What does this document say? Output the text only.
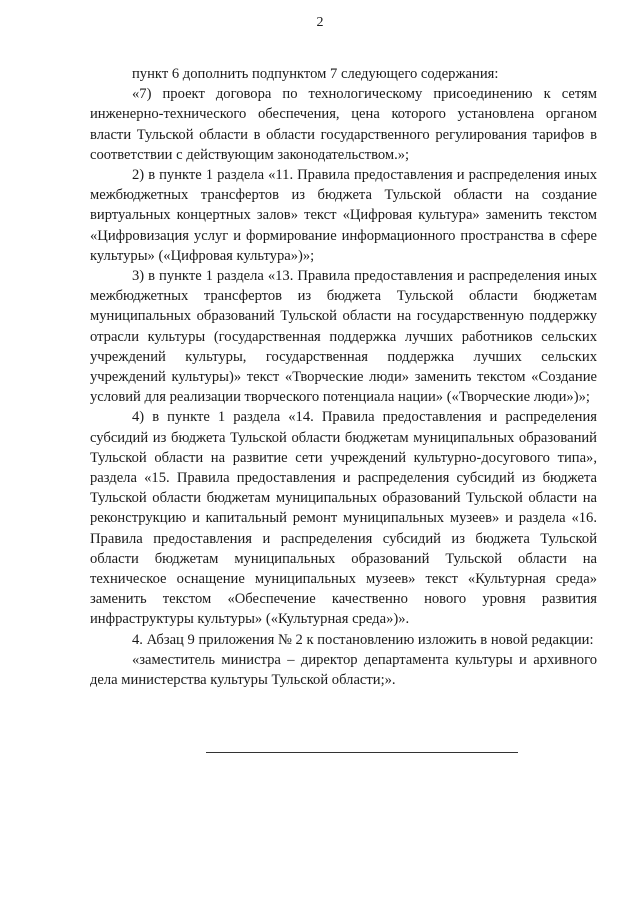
2

пункт 6 дополнить подпунктом 7 следующего содержания:

«7) проект договора по технологическому присоединению к сетям инженерно-технического обеспечения, цена которого установлена органом власти Тульской области в области государственного регулирования тарифов в соответствии с действующим законодательством.»;

2) в пункте 1 раздела «11. Правила предоставления и распределения иных межбюджетных трансфертов из бюджета Тульской области на создание виртуальных концертных залов» текст «Цифровая культура» заменить текстом «Цифровизация услуг и формирование информационного пространства в сфере культуры» («Цифровая культура»)»;

3) в пункте 1 раздела «13. Правила предоставления и распределения иных межбюджетных трансфертов из бюджета Тульской области бюджетам муниципальных образований Тульской области на государственную поддержку отрасли культуры (государственная поддержка лучших работников сельских учреждений культуры, государственная поддержка лучших сельских учреждений культуры)» текст «Творческие люди» заменить текстом «Создание условий для реализации творческого потенциала нации» («Творческие люди»)»;

4) в пункте 1 раздела «14. Правила предоставления и распределения субсидий из бюджета Тульской области бюджетам муниципальных образований Тульской области на развитие сети учреждений культурно-досугового типа», раздела «15. Правила предоставления и распределения субсидий из бюджета Тульской области бюджетам муниципальных образований Тульской области на реконструкцию и капитальный ремонт муниципальных музеев» и раздела «16. Правила предоставления и распределения субсидий из бюджета Тульской области бюджетам муниципальных образований Тульской области на техническое оснащение муниципальных музеев» текст «Культурная среда» заменить текстом «Обеспечение качественно нового уровня развития инфраструктуры культуры» («Культурная среда»)».

4. Абзац 9 приложения № 2 к постановлению изложить в новой редакции:

«заместитель министра – директор департамента культуры и архивного дела министерства культуры Тульской области;».
